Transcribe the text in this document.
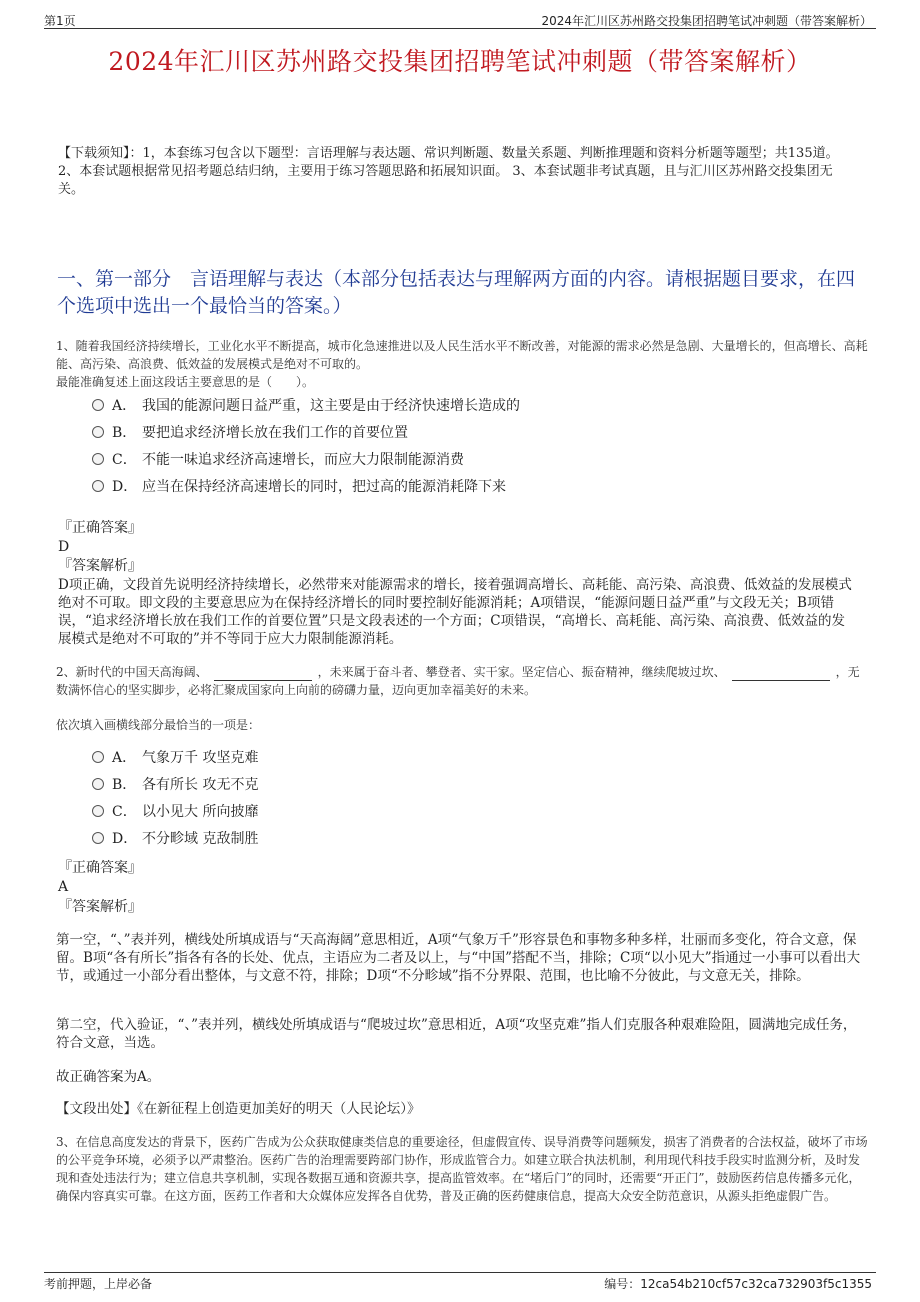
第1页	2024年汇川区苏州路交投集团招聘笔试冲刺题（带答案解析）
2024年汇川区苏州路交投集团招聘笔试冲刺题（带答案解析）
【下载须知】：1，本套练习包含以下题型：言语理解与表达题、常识判断题、数量关系题、判断推理题和资料分析题等题型；共135道。 2、本套试题根据常见招考题总结归纳，主要用于练习答题思路和拓展知识面。 3、本套试题非考试真题，且与汇川区苏州路交投集团无关。
一、第一部分　言语理解与表达（本部分包括表达与理解两方面的内容。请根据题目要求，在四个选项中选出一个最恰当的答案。）
1、随着我国经济持续增长，工业化水平不断提高，城市化急速推进以及人民生活水平不断改善，对能源的需求必然是急剧、大量增长的，但高增长、高耗能、高污染、高浪费、低效益的发展模式是绝对不可取的。
最能准确复述上面这段话主要意思的是（　　）。
A． 我国的能源问题日益严重，这主要是由于经济快速增长造成的
B． 要把追求经济增长放在我们工作的首要位置
C． 不能一味追求经济高速增长，而应大力限制能源消费
D． 应当在保持经济高速增长的同时，把过高的能源消耗降下来
『正确答案』
D
『答案解析』
D项正确，文段首先说明经济持续增长，必然带来对能源需求的增长，接着强调高增长、高耗能、高污染、高浪费、低效益的发展模式绝对不可取。即文段的主要意思应为在保持经济增长的同时要控制好能源消耗；A项错误，“能源问题日益严重”与文段无关；B项错误，“追求经济增长放在我们工作的首要位置”只是文段表述的一个方面；C项错误，“高增长、高耗能、高污染、高浪费、低效益的发展模式是绝对不可取的”并不等同于应大力限制能源消耗。
2、新时代的中国天高海阔、	，未来属于奋斗者、攀登者、实干家。坚定信心、振奋精神，继续爬坡过坎、	，无数满怀信心的坚实脚步，必将汇聚成国家向上向前的磅礴力量，迈向更加幸福美好的未来。
依次填入画横线部分最恰当的一项是：
A． 气象万千 攻坚克难
B． 各有所长 攻无不克
C． 以小见大 所向披靡
D． 不分畛域 克敌制胜
『正确答案』
A
『答案解析』
第一空，“、”表并列，横线处所填成语与“天高海阔”意思相近，A项“气象万千”形容景色和事物多种多样，壮丽而多变化，符合文意，保留。B项“各有所长”指各有各的长处、优点，主语应为二者及以上，与“中国”搭配不当，排除；C项“以小见大”指通过一小事可以看出大节，或通过一小部分看出整体，与文意不符，排除；D项“不分畛域”指不分界限、范围，也比喻不分彼此，与文意无关，排除。
第二空，代入验证，“、”表并列，横线处所填成语与“爬坡过坎”意思相近，A项“攻坚克难”指人们克服各种艰难险阻，圆满地完成任务，符合文意，当选。
故正确答案为A。
【文段出处】《在新征程上创造更加美好的明天（人民论坛）》
3、在信息高度发达的背景下，医药广告成为公众获取健康类信息的重要途径，但虚假宣传、误导消费等问题频发，损害了消费者的合法权益，破坏了市场的公平竞争环境，必须予以严肃整治。医药广告的治理需要跨部门协作，形成监管合力。如建立联合执法机制，利用现代科技手段实时监测分析，及时发现和查处违法行为；建立信息共享机制，实现各数据互通和资源共享，提高监管效率。在“堵后门”的同时，还需要“开正门”，鼓励医药信息传播多元化，确保内容真实可靠。在这方面，医药工作者和大众媒体应发挥各自优势，普及正确的医药健康信息，提高大众安全防范意识，从源头拒绝虚假广告。
考前押题，上岸必备	编号：12ca54b210cf57c32ca732903f5c1355
